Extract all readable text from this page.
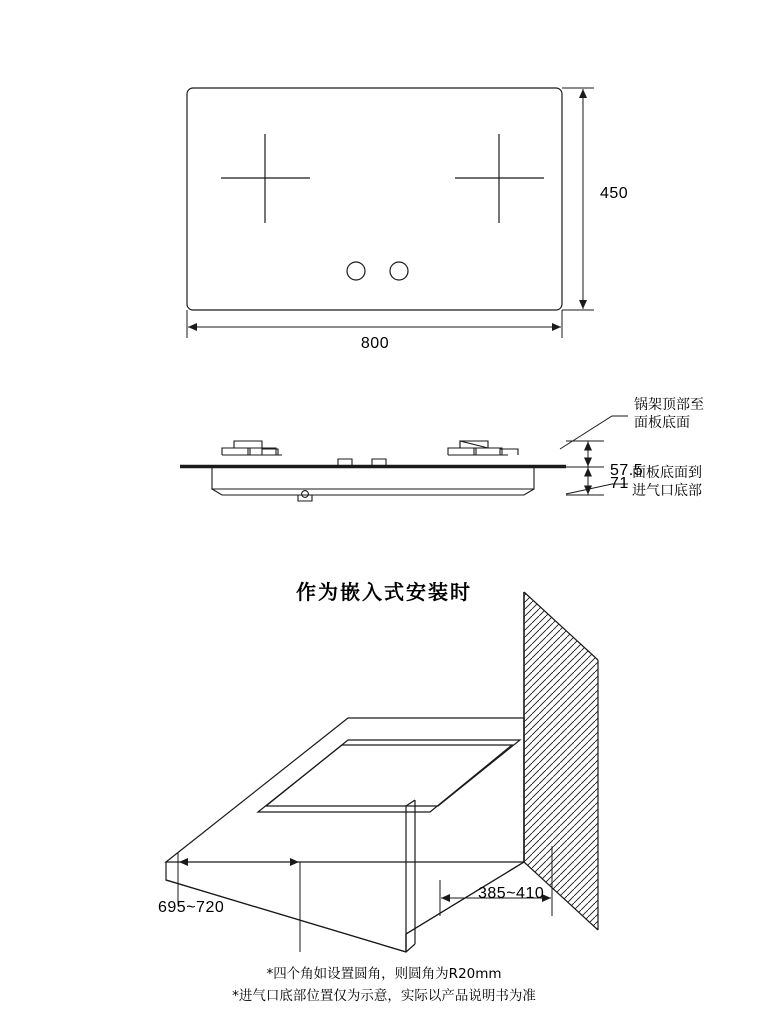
450
800
57.5
71
锅架顶部至
面板底面
面板底面到
进气口底部
作为嵌入式安装时
695~720
385~410
*四个角如设置圆角，则圆角为R20mm
*进气口底部位置仅为示意，实际以产品说明书为准
